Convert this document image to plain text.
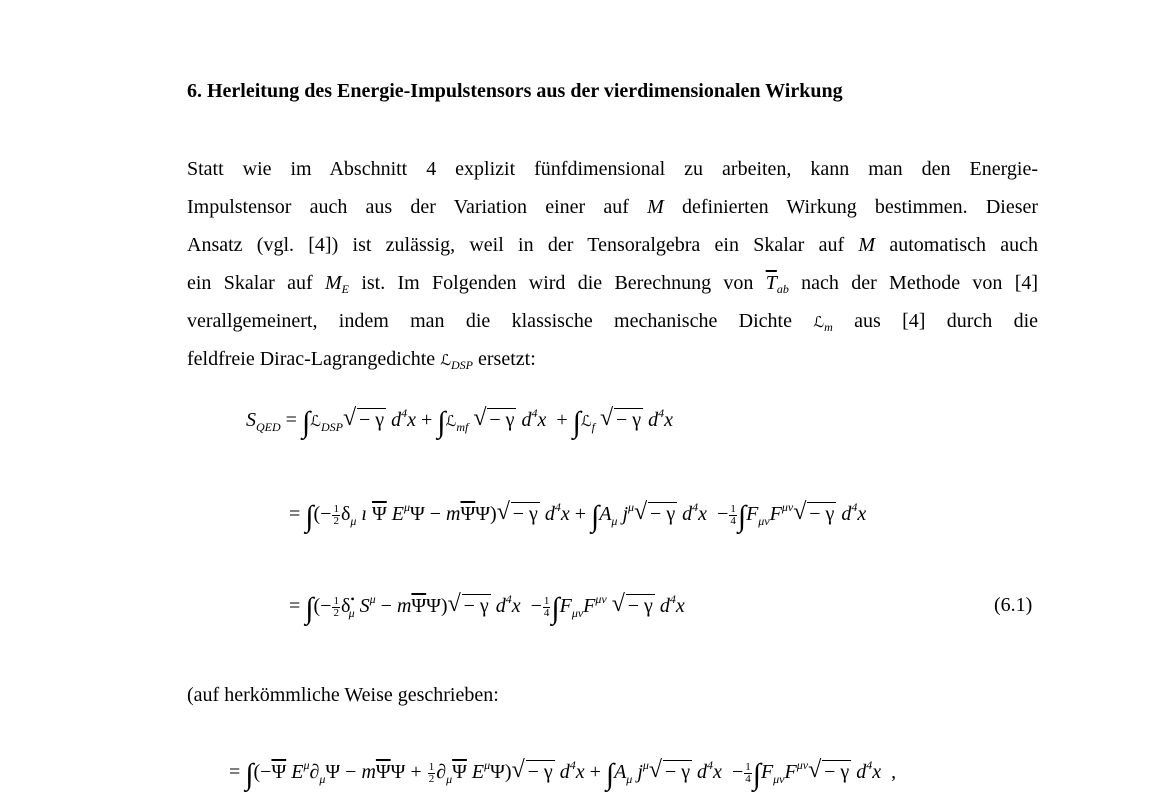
6. Herleitung des Energie-Impulstensors aus der vierdimensionalen Wirkung
Statt wie im Abschnitt 4 explizit fünfdimensional zu arbeiten, kann man den Energie-
Impulstensor auch aus der Variation einer auf M definierten Wirkung bestimmen. Dieser
Ansatz (vgl. [4]) ist zulässig, weil in der Tensoralgebra ein Skalar auf M automatisch auch
ein Skalar auf $M_E$ ist. Im Folgenden wird die Berechnung von $\overline{T}_{ab}$ nach der Methode von [4]
verallgemeinert, indem man die klassische mechanische Dichte ℒ$_m$ aus [4] durch die
feldfreie Dirac-Lagrangedichte ℒ$_{DSP}$ ersetzt:
$S_{QED}$ = ∫ℒ$_{DSP}$ √ − γ $d^4x$ + ∫ℒ$_{mf}$ √ − γ $d^4x$  + ∫ℒ$_f$ √ − γ $d^4x$
= ∫(− $\frac{1}{2} \delta_\mu$ ı $\overline{\Psi}$ $E^\mu\Psi - m\overline{\Psi}\Psi$) √ − γ $d^4x + \int A_\mu$ $j^\mu$ √ − γ $d^4x - \frac{1}{4} \int F_{\mu\nu}F^{\mu\nu}$ √ − γ $d^4x$
= ∫(− $\frac{1}{2} \delta^•_\mu$ $S^\mu - m\overline{\Psi}\Psi$) √ − γ $d^4x - \frac{1}{4} \int F_{\mu\nu}F^{\mu\nu}$ √ − γ $d^4x$	(6.1)
(auf herkömmliche Weise geschrieben:
= $\int(-\overline{\Psi}$ $E^\mu\partial_\mu\Psi - m\overline{\Psi}\Psi + \frac{1}{2} \partial_\mu\overline{\Psi}$ $E^\mu\Psi$) √ − γ $d^4x + \int A_\mu$ $j^\mu$ √ − γ $d^4x - \frac{1}{4} \int F_{\mu\nu}F^{\mu\nu}$ √ − γ $d^4x$  ,
